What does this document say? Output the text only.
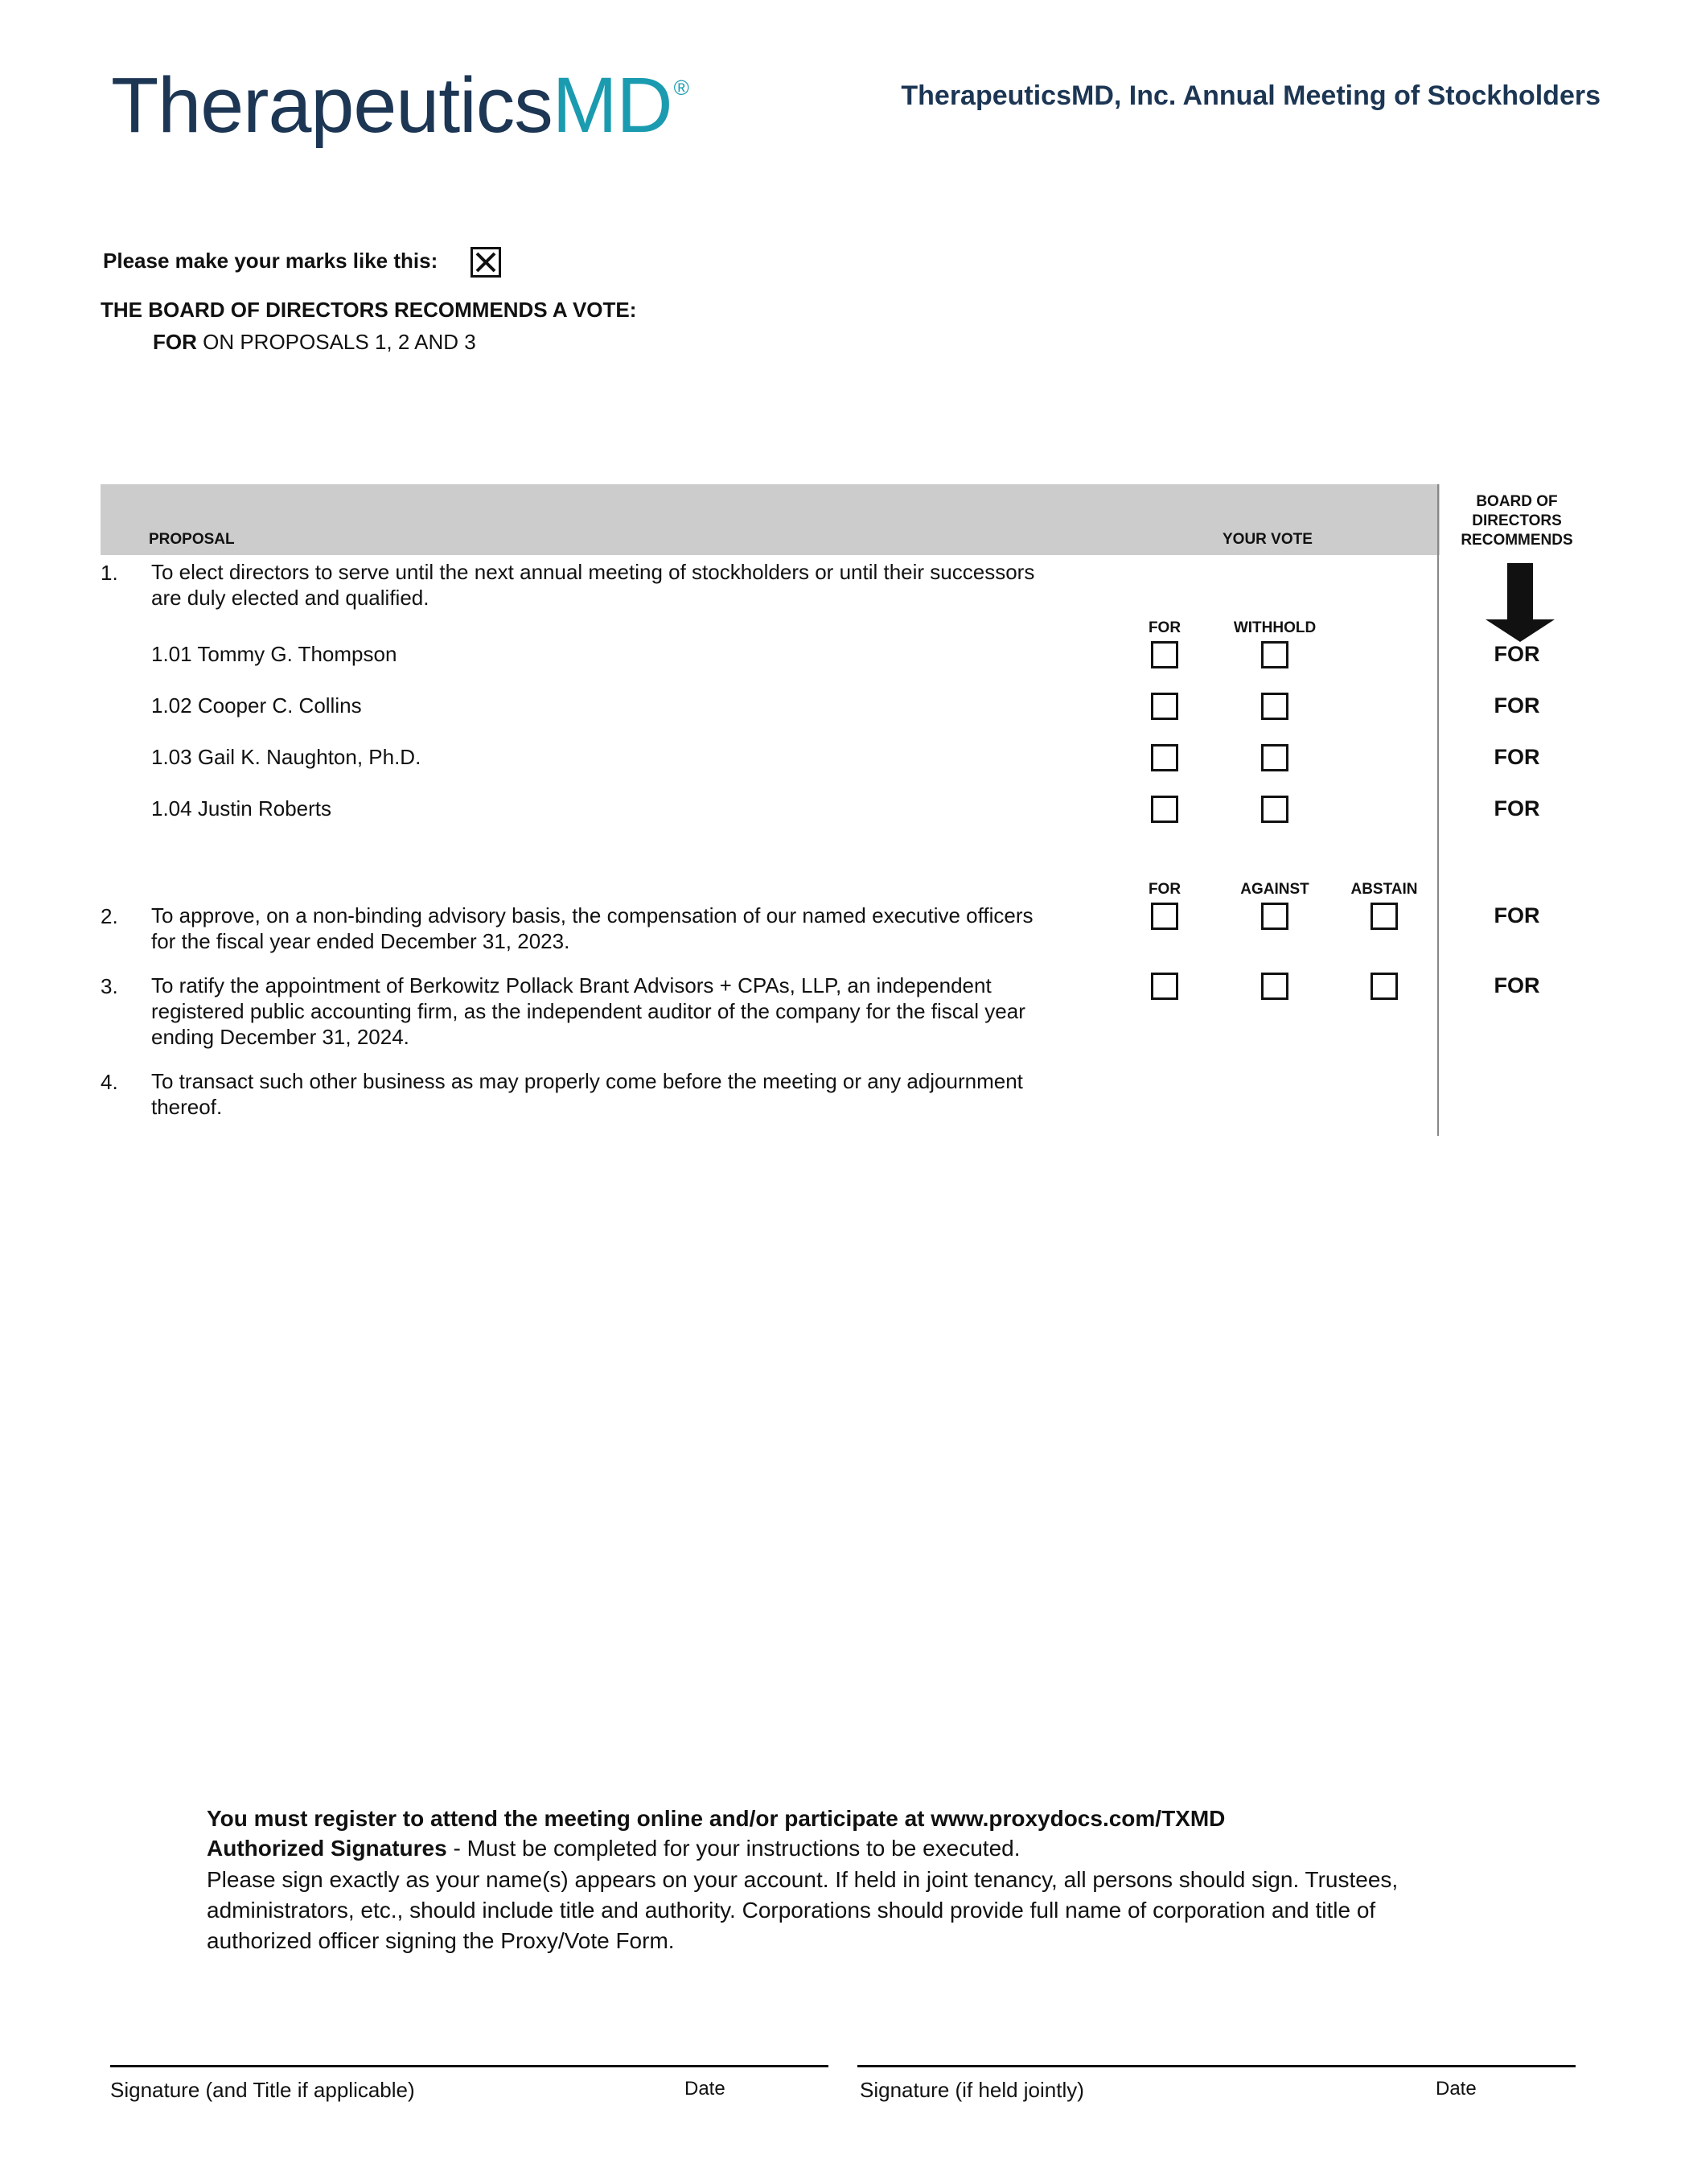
TherapeuticsMD®	TherapeuticsMD, Inc. Annual Meeting of Stockholders
Please make your marks like this:
THE BOARD OF DIRECTORS RECOMMENDS A VOTE:
FOR ON PROPOSALS 1, 2 AND 3
PROPOSAL	YOUR VOTE
BOARD OF
DIRECTORS
RECOMMENDS
1. To elect directors to serve until the next annual meeting of stockholders or until their successors
are duly elected and qualified.
FOR	WITHHOLD
1.01 Tommy G. Thompson	FOR
1.02 Cooper C. Collins	FOR
1.03 Gail K. Naughton, Ph.D.	FOR
1.04 Justin Roberts	FOR
FOR	AGAINST	ABSTAIN
2. To approve, on a non-binding advisory basis, the compensation of our named executive officers
for the fiscal year ended December 31, 2023.
FOR
3. To ratify the appointment of Berkowitz Pollack Brant Advisors + CPAs, LLP, an independent
registered public accounting firm, as the independent auditor of the company for the fiscal year
ending December 31, 2024.
FOR
4. To transact such other business as may properly come before the meeting or any adjournment
thereof.
You must register to attend the meeting online and/or participate at www.proxydocs.com/TXMD
Authorized Signatures - Must be completed for your instructions to be executed.
Please sign exactly as your name(s) appears on your account. If held in joint tenancy, all persons should sign. Trustees, administrators, etc., should include title and authority. Corporations should provide full name of corporation and title of authorized officer signing the Proxy/Vote Form.
Signature (and Title if applicable)	Date	Signature (if held jointly)	Date
